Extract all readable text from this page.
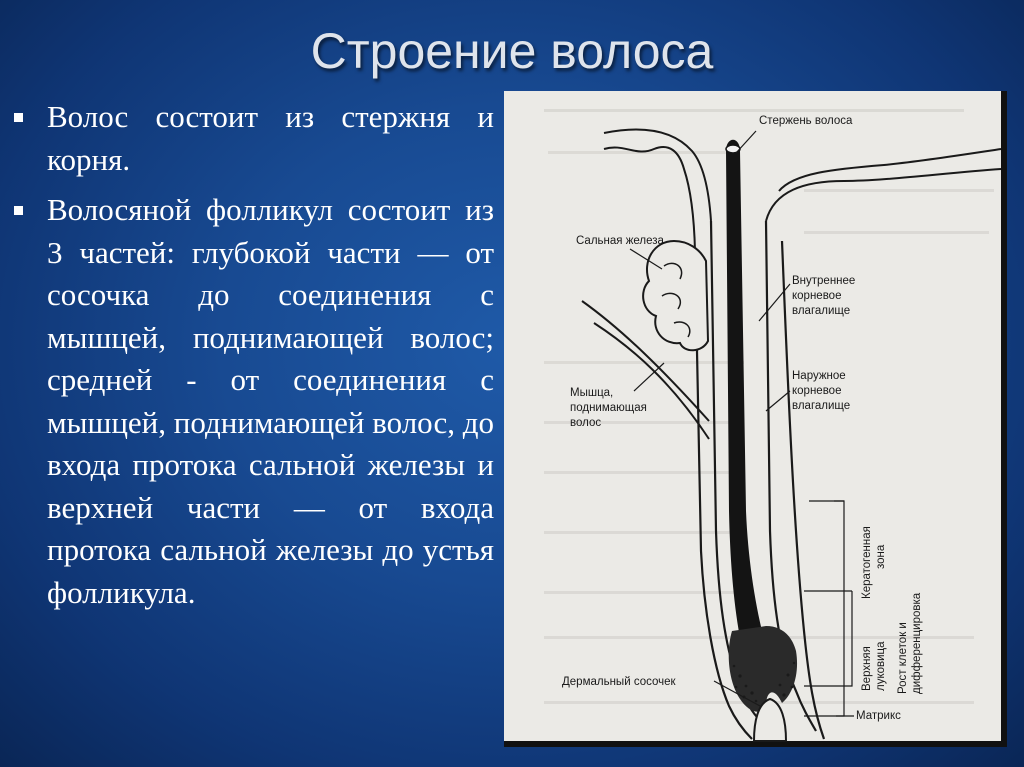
Строение волоса
Волос состоит из стержня и корня.
Волосяной фолликул состоит из 3 частей: глубокой части — от сосочка до соединения с мышцей, поднимающей волос; средней - от соединения с мышцей, поднимающей волос, до входа протока сальной железы и верхней части — от входа протока сальной железы до устья фолликула.
Стержень волоса
Сальная железа
Внутреннее
корневое
влагалище
Наружное
корневое
влагалище
Мышца,
поднимающая
волос
Кератогенная зона
Верхняя луковица Рост клеток и дифференцировка
Дермальный сосочек
Матрикс
